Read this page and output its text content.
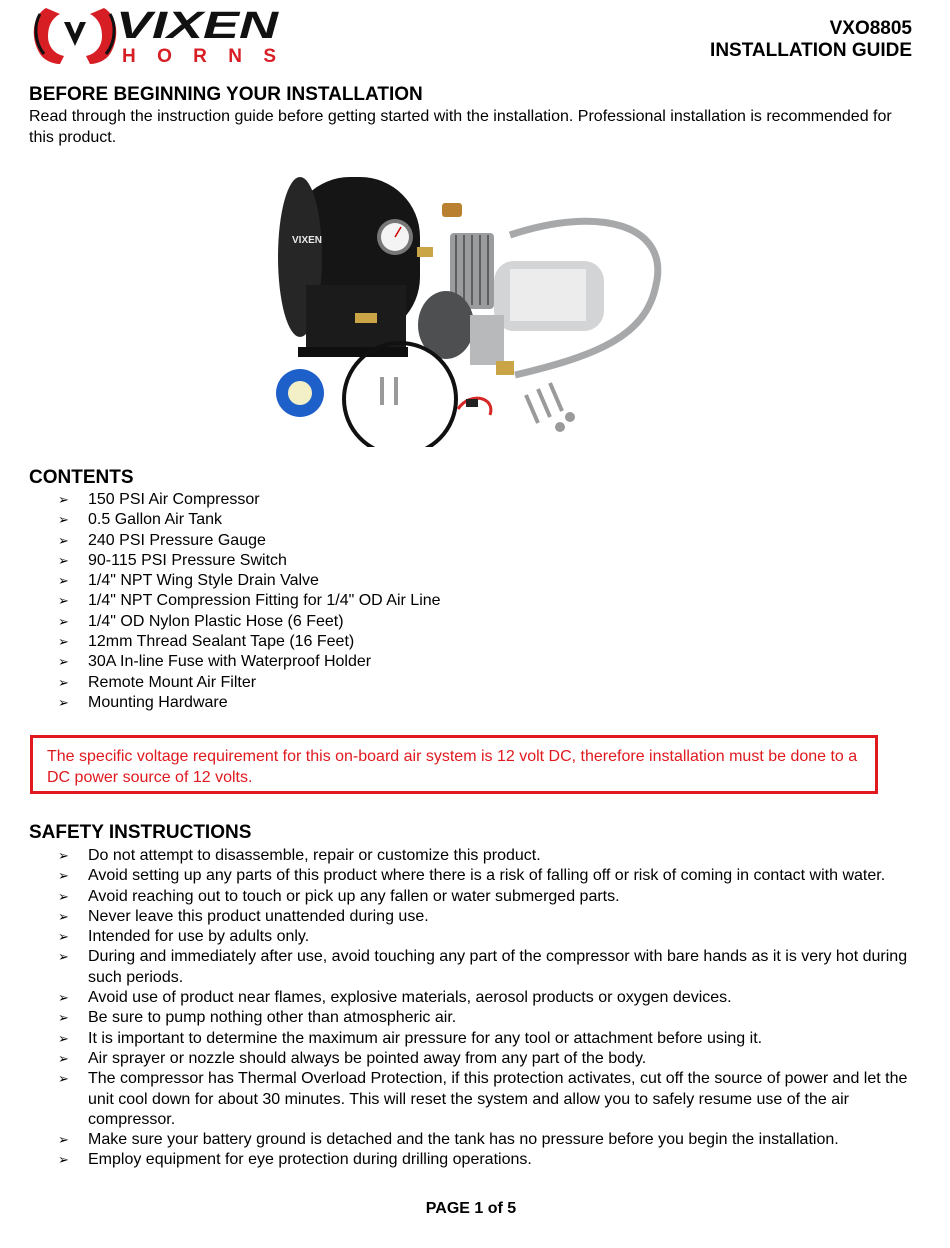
VIXEN
HORNS
VXO8805
INSTALLATION GUIDE
BEFORE BEGINNING YOUR INSTALLATION
Read through the instruction guide before getting started with the installation. Professional installation is recommended for this product.
VIXEN
CONTENTS
➢ 150 PSI Air Compressor
➢ 0.5 Gallon Air Tank
➢ 240 PSI Pressure Gauge
➢ 90-115 PSI Pressure Switch
➢ 1/4" NPT Wing Style Drain Valve
➢ 1/4" NPT Compression Fitting for 1/4" OD Air Line
➢ 1/4" OD Nylon Plastic Hose (6 Feet)
➢ 12mm Thread Sealant Tape (16 Feet)
➢ 30A In-line Fuse with Waterproof Holder
➢ Remote Mount Air Filter
➢ Mounting Hardware
The specific voltage requirement for this on-board air system is 12 volt DC, therefore installation must be done to a DC power source of 12 volts.
SAFETY INSTRUCTIONS
➢ Do not attempt to disassemble, repair or customize this product.
➢ Avoid setting up any parts of this product where there is a risk of falling off or risk of coming in contact with water.
➢ Avoid reaching out to touch or pick up any fallen or water submerged parts.
➢ Never leave this product unattended during use.
➢ Intended for use by adults only.
➢ During and immediately after use, avoid touching any part of the compressor with bare hands as it is very hot during such periods.
➢ Avoid use of product near flames, explosive materials, aerosol products or oxygen devices.
➢ Be sure to pump nothing other than atmospheric air.
➢ It is important to determine the maximum air pressure for any tool or attachment before using it.
➢ Air sprayer or nozzle should always be pointed away from any part of the body.
➢ The compressor has Thermal Overload Protection, if this protection activates, cut off the source of power and let the unit cool down for about 30 minutes. This will reset the system and allow you to safely resume use of the air compressor.
➢ Make sure your battery ground is detached and the tank has no pressure before you begin the installation.
➢ Employ equipment for eye protection during drilling operations.
PAGE 1 of 5
